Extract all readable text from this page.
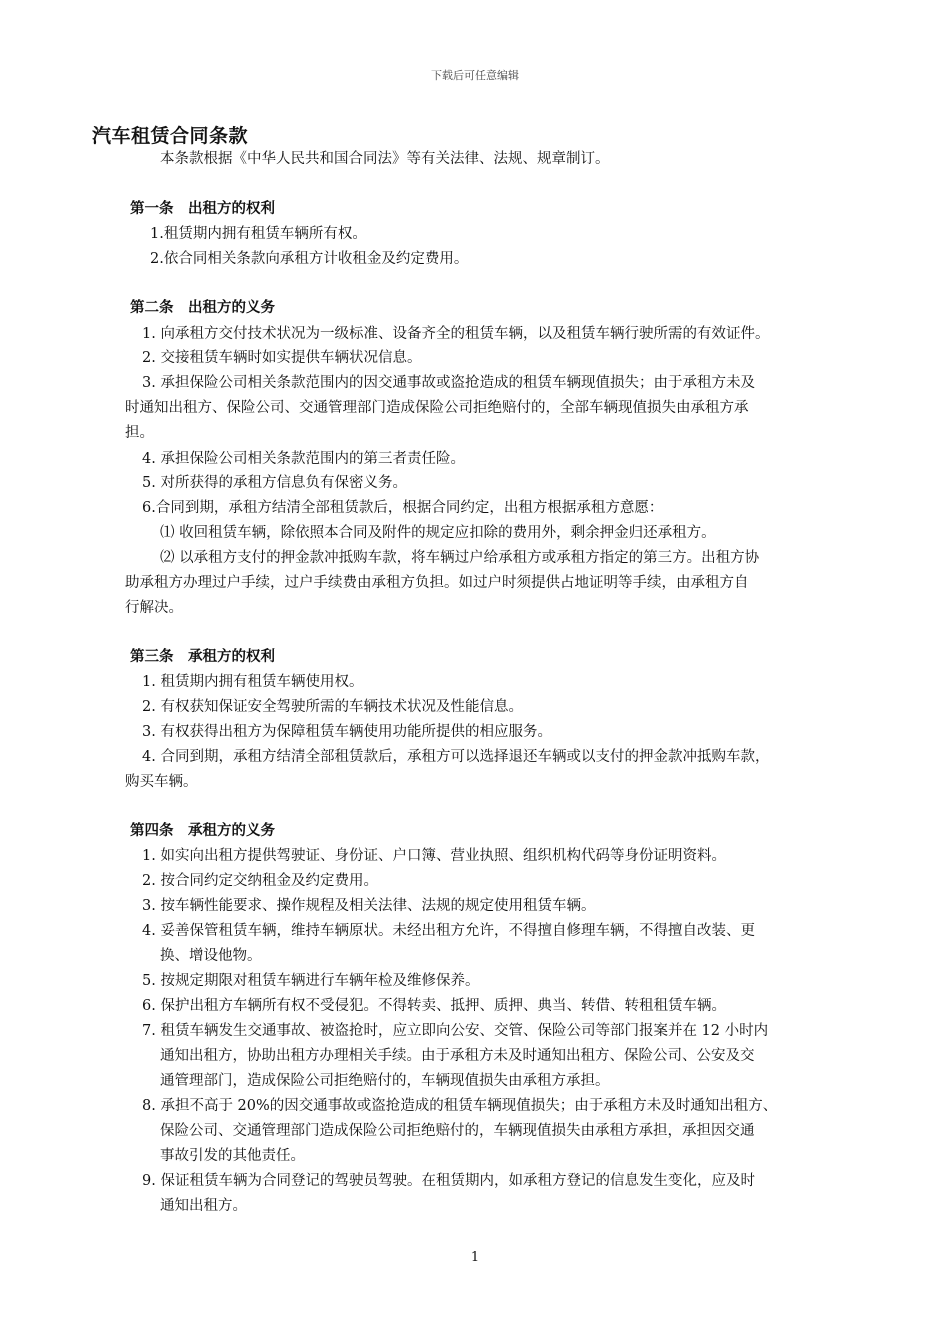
下载后可任意编辑
汽车租赁合同条款
本条款根据《中华人民共和国合同法》等有关法律、法规、规章制订。
第一条　出租方的权利
1.租赁期内拥有租赁车辆所有权。
2.依合同相关条款向承租方计收租金及约定费用。
第二条　出租方的义务
1. 向承租方交付技术状况为一级标准、设备齐全的租赁车辆，以及租赁车辆行驶所需的有效证件。
2. 交接租赁车辆时如实提供车辆状况信息。
3. 承担保险公司相关条款范围内的因交通事故或盗抢造成的租赁车辆现值损失；由于承租方未及
时通知出租方、保险公司、交通管理部门造成保险公司拒绝赔付的，全部车辆现值损失由承租方承
担。
4. 承担保险公司相关条款范围内的第三者责任险。
5. 对所获得的承租方信息负有保密义务。
6.合同到期，承租方结清全部租赁款后，根据合同约定，出租方根据承租方意愿：
⑴ 收回租赁车辆，除依照本合同及附件的规定应扣除的费用外，剩余押金归还承租方。
⑵ 以承租方支付的押金款冲抵购车款，将车辆过户给承租方或承租方指定的第三方。出租方协
助承租方办理过户手续，过户手续费由承租方负担。如过户时须提供占地证明等手续，由承租方自
行解决。
第三条　承租方的权利
1. 租赁期内拥有租赁车辆使用权。
2. 有权获知保证安全驾驶所需的车辆技术状况及性能信息。
3. 有权获得出租方为保障租赁车辆使用功能所提供的相应服务。
4. 合同到期，承租方结清全部租赁款后，承租方可以选择退还车辆或以支付的押金款冲抵购车款，
购买车辆。
第四条　承租方的义务
1. 如实向出租方提供驾驶证、身份证、户口簿、营业执照、组织机构代码等身份证明资料。
2. 按合同约定交纳租金及约定费用。
3. 按车辆性能要求、操作规程及相关法律、法规的规定使用租赁车辆。
4. 妥善保管租赁车辆，维持车辆原状。未经出租方允许，不得擅自修理车辆，不得擅自改装、更
换、增设他物。
5. 按规定期限对租赁车辆进行车辆年检及维修保养。
6. 保护出租方车辆所有权不受侵犯。不得转卖、抵押、质押、典当、转借、转租租赁车辆。
7. 租赁车辆发生交通事故、被盗抢时，应立即向公安、交管、保险公司等部门报案并在 12 小时内
通知出租方，协助出租方办理相关手续。由于承租方未及时通知出租方、保险公司、公安及交
通管理部门，造成保险公司拒绝赔付的，车辆现值损失由承租方承担。
8. 承担不高于 20%的因交通事故或盗抢造成的租赁车辆现值损失；由于承租方未及时通知出租方、
保险公司、交通管理部门造成保险公司拒绝赔付的，车辆现值损失由承租方承担，承担因交通
事故引发的其他责任。
9. 保证租赁车辆为合同登记的驾驶员驾驶。在租赁期内，如承租方登记的信息发生变化，应及时
通知出租方。
1
